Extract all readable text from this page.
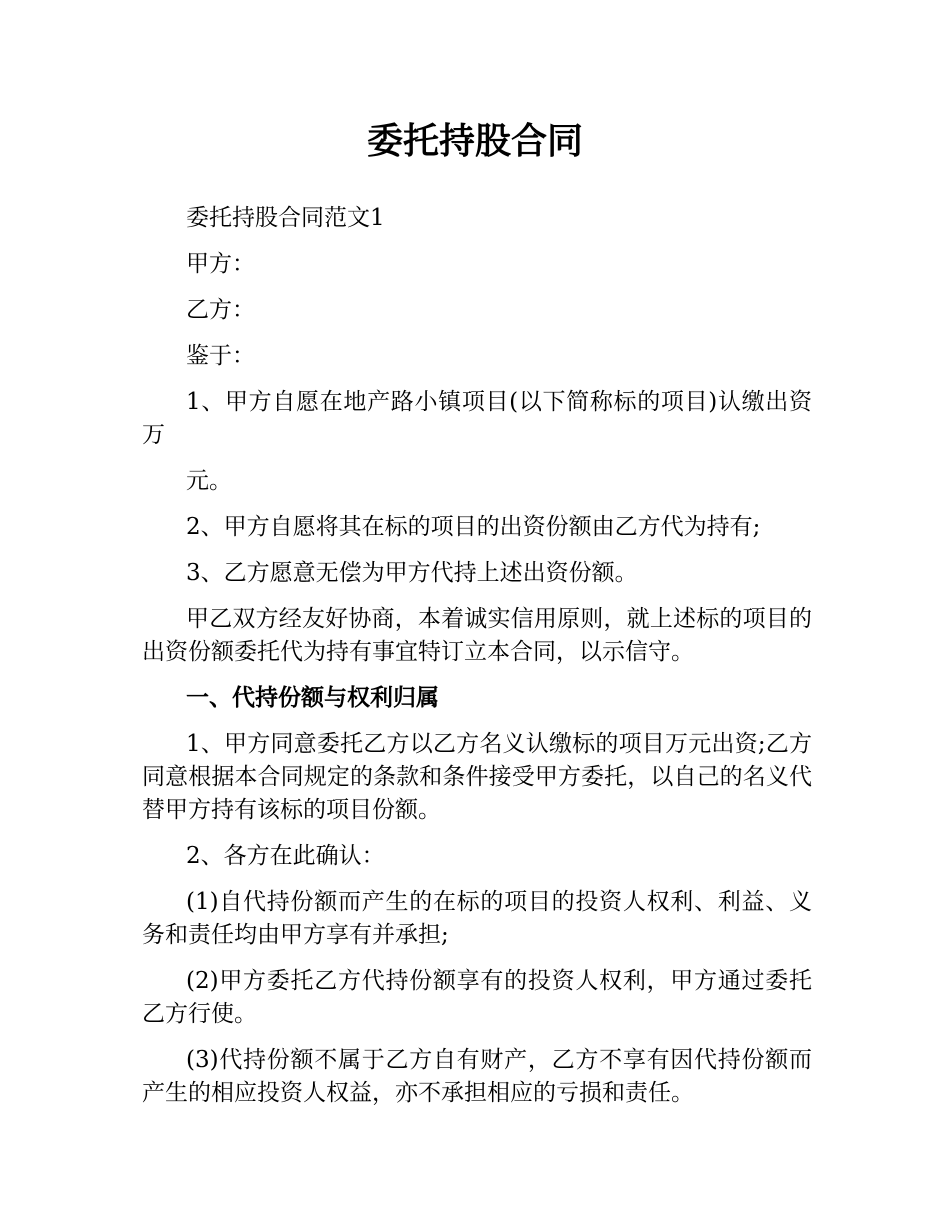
委托持股合同

委托持股合同范文1

甲方：

乙方：

鉴于：

1、甲方自愿在地产路小镇项目(以下简称标的项目)认缴出资万

元。

2、甲方自愿将其在标的项目的出资份额由乙方代为持有;

3、乙方愿意无偿为甲方代持上述出资份额。

甲乙双方经友好协商，本着诚实信用原则，就上述标的项目的出资份额委托代为持有事宜特订立本合同，以示信守。

一、代持份额与权利归属

1、甲方同意委托乙方以乙方名义认缴标的项目万元出资;乙方同意根据本合同规定的条款和条件接受甲方委托，以自己的名义代替甲方持有该标的项目份额。

2、各方在此确认：

(1)自代持份额而产生的在标的项目的投资人权利、利益、义务和责任均由甲方享有并承担;

(2)甲方委托乙方代持份额享有的投资人权利，甲方通过委托乙方行使。

(3)代持份额不属于乙方自有财产，乙方不享有因代持份额而产生的相应投资人权益，亦不承担相应的亏损和责任。
